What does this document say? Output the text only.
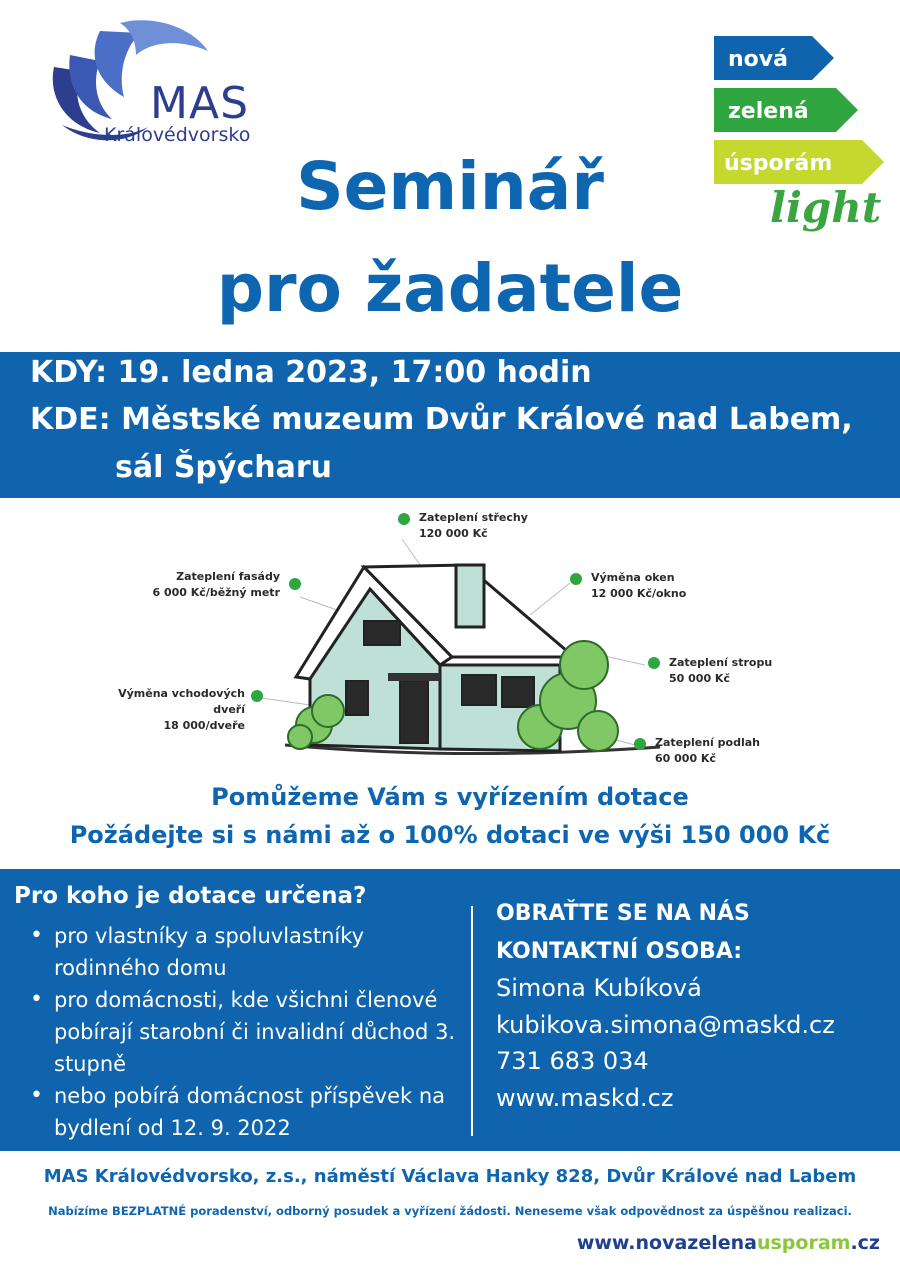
MAS
Královédvorsko
nová
zelená
úsporám
light
Seminář
pro žadatele
KDY: 19. ledna 2023, 17:00 hodin
KDE: Městské muzeum Dvůr Králové nad Labem,
sál Špýcharu
Zateplení střechy
120 000 Kč
Zateplení fasády
6 000 Kč/běžný metr
Výměna oken
12 000 Kč/okno
Zateplení stropu
50 000 Kč
Výměna vchodových dveří
18 000/dveře
Zateplení podlah
60 000 Kč
Pomůžeme Vám s vyřízením dotace
Požádejte si s námi až o 100% dotaci ve výši 150 000 Kč
Pro koho je dotace určena?
• pro vlastníky a spoluvlastníky rodinného domu
• pro domácnosti, kde všichni členové pobírají starobní či invalidní důchod 3. stupně
• nebo pobírá domácnost příspěvek na bydlení od 12. 9. 2022
OBRAŤTE SE NA NÁS
KONTAKTNÍ OSOBA:
Simona Kubíková
kubikova.simona@maskd.cz
731 683 034
www.maskd.cz
MAS Královédvorsko, z.s., náměstí Václava Hanky 828, Dvůr Králové nad Labem
Nabízíme BEZPLATNÉ poradenství, odborný posudek a vyřízení žádosti. Neneseme však odpovědnost za úspěšnou realizaci.
www.novazelenausporam.cz
